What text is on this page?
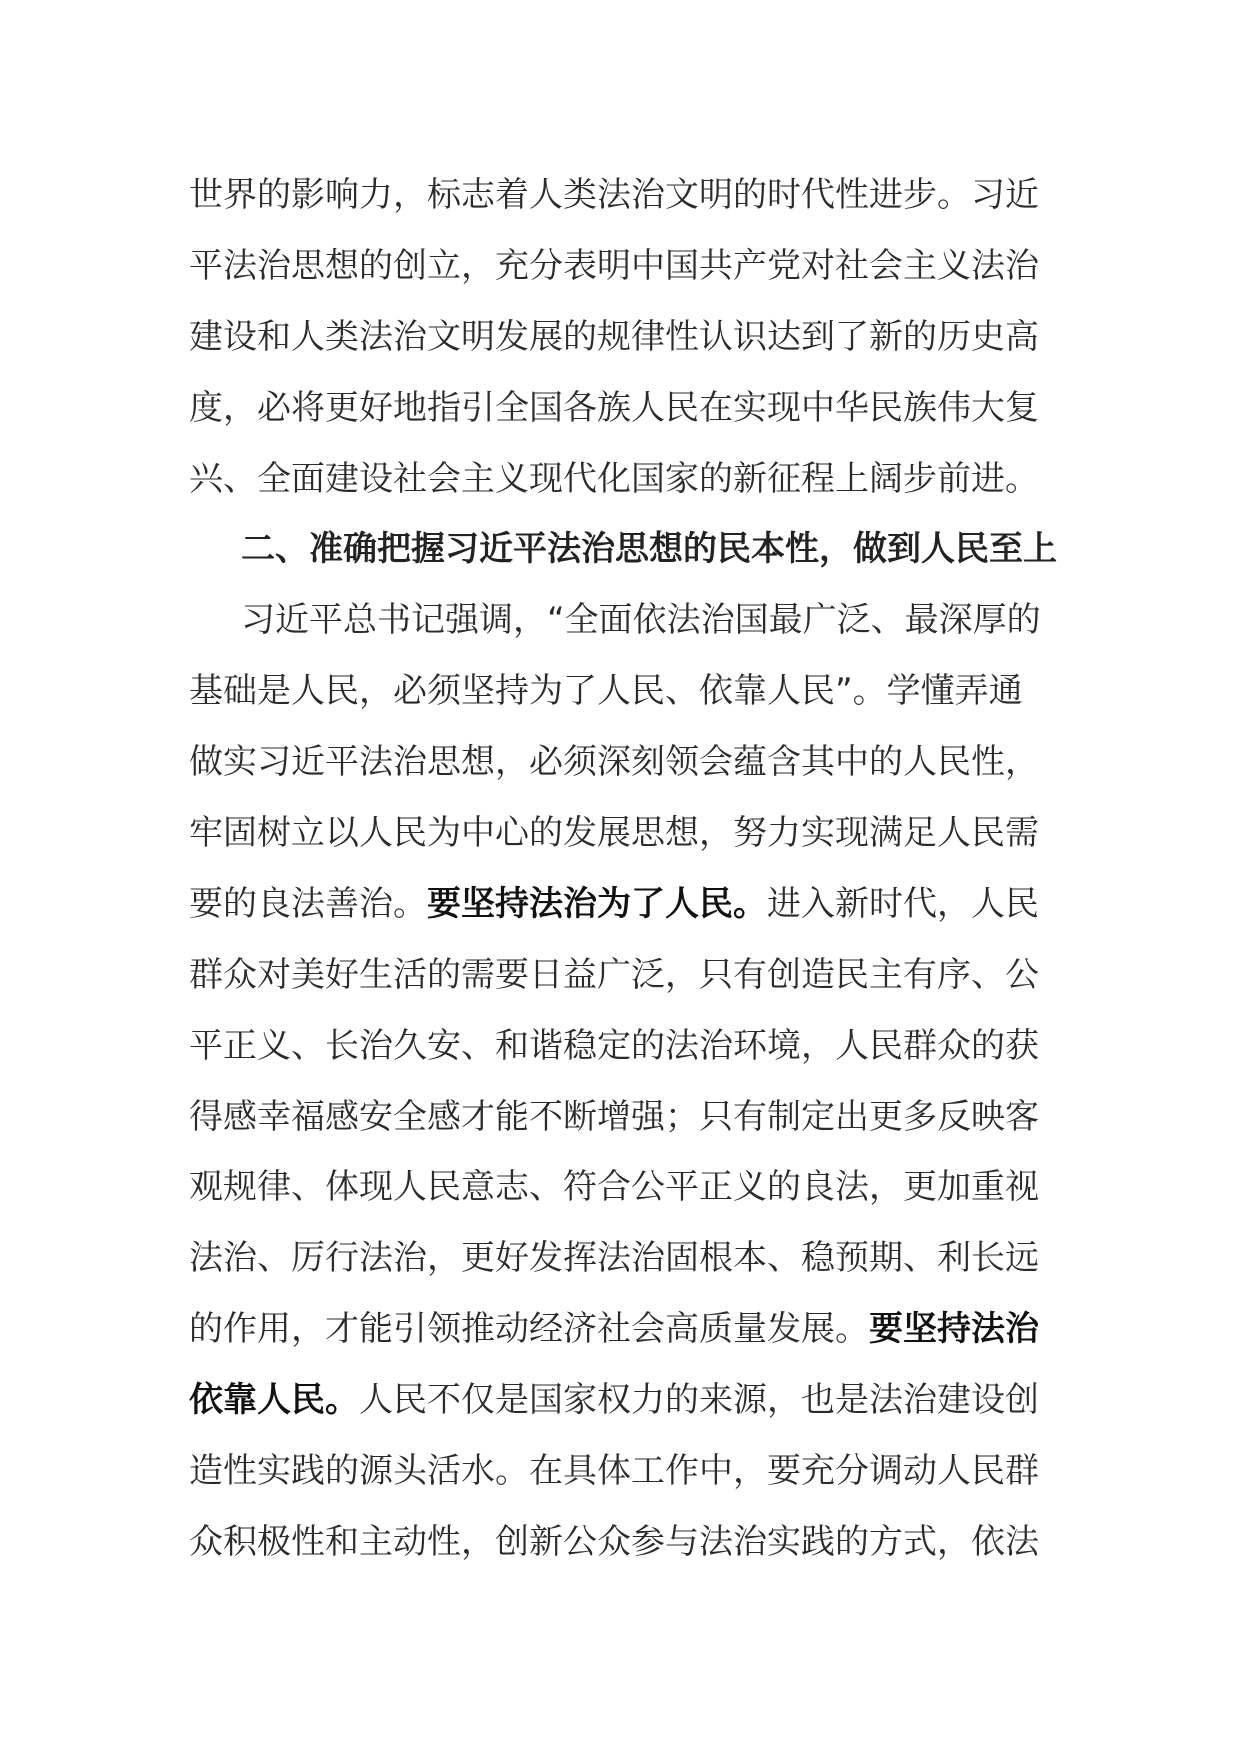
世界的影响力，标志着人类法治文明的时代性进步。习近
平法治思想的创立，充分表明中国共产党对社会主义法治
建设和人类法治文明发展的规律性认识达到了新的历史高
度，必将更好地指引全国各族人民在实现中华民族伟大复
兴、全面建设社会主义现代化国家的新征程上阔步前进。
二、准确把握习近平法治思想的民本性，做到人民至上
习近平总书记强调，“全面依法治国最广泛、最深厚的
基础是人民，必须坚持为了人民、依靠人民”。学懂弄通
做实习近平法治思想，必须深刻领会蕴含其中的人民性，
牢固树立以人民为中心的发展思想，努力实现满足人民需
要的良法善治。要坚持法治为了人民。进入新时代，人民
群众对美好生活的需要日益广泛，只有创造民主有序、公
平正义、长治久安、和谐稳定的法治环境，人民群众的获
得感幸福感安全感才能不断增强；只有制定出更多反映客
观规律、体现人民意志、符合公平正义的良法，更加重视
法治、厉行法治，更好发挥法治固根本、稳预期、利长远
的作用，才能引领推动经济社会高质量发展。要坚持法治
依靠人民。人民不仅是国家权力的来源，也是法治建设创
造性实践的源头活水。在具体工作中，要充分调动人民群
众积极性和主动性，创新公众参与法治实践的方式，依法
